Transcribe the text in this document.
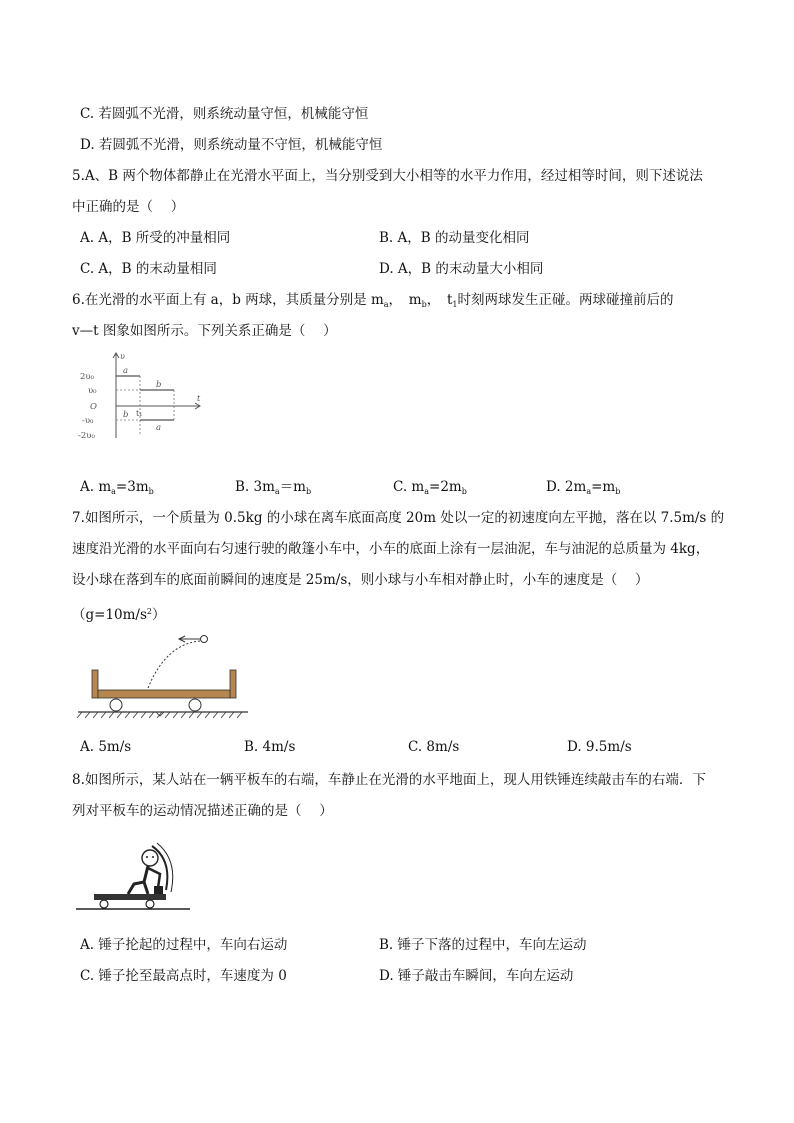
C. 若圆弧不光滑，则系统动量守恒，机械能守恒
D. 若圆弧不光滑，则系统动量不守恒，机械能守恒
5.A、B 两个物体都静止在光滑水平面上，当分别受到大小相等的水平力作用，经过相等时间，则下述说法
中正确的是（　 ）
A. A，B 所受的冲量相同	B. A，B 的动量变化相同
C. A，B 的末动量相同	D. A，B 的末动量大小相同
6.在光滑的水平面上有 a，b 两球，其质量分别是 $m_a$，　$m_b$，　$t_1$时刻两球发生正碰。两球碰撞前后的
v—t 图象如图所示。下列关系正确是（　 ）
υ
t
2υ₀
υ₀
O
-υ₀
-2υ₀
a
b
b t₁
a
A. $m_a=3m_b$	B. $3m_a=m_b$	C. $m_a=2m_b$	D. $2m_a=m_b$
7.如图所示，一个质量为 0.5kg 的小球在离车底面高度 20m 处以一定的初速度向左平抛，落在以 7.5m/s 的
速度沿光滑的水平面向右匀速行驶的敞篷小车中，小车的底面上涂有一层油泥，车与油泥的总质量为 4kg，
设小球在落到车的底面前瞬间的速度是 25m/s，则小球与小车相对静止时，小车的速度是（　 ）
$(g=10m/s^2)$
A. 5m/s	B. 4m/s	C. 8m/s	D. 9.5m/s
8.如图所示，某人站在一辆平板车的右端，车静止在光滑的水平地面上，现人用铁锤连续敲击车的右端．下
列对平板车的运动情况描述正确的是（　 ）
A. 锤子抡起的过程中，车向右运动	B. 锤子下落的过程中，车向左运动
C. 锤子抡至最高点时，车速度为 0	D. 锤子敲击车瞬间，车向左运动
